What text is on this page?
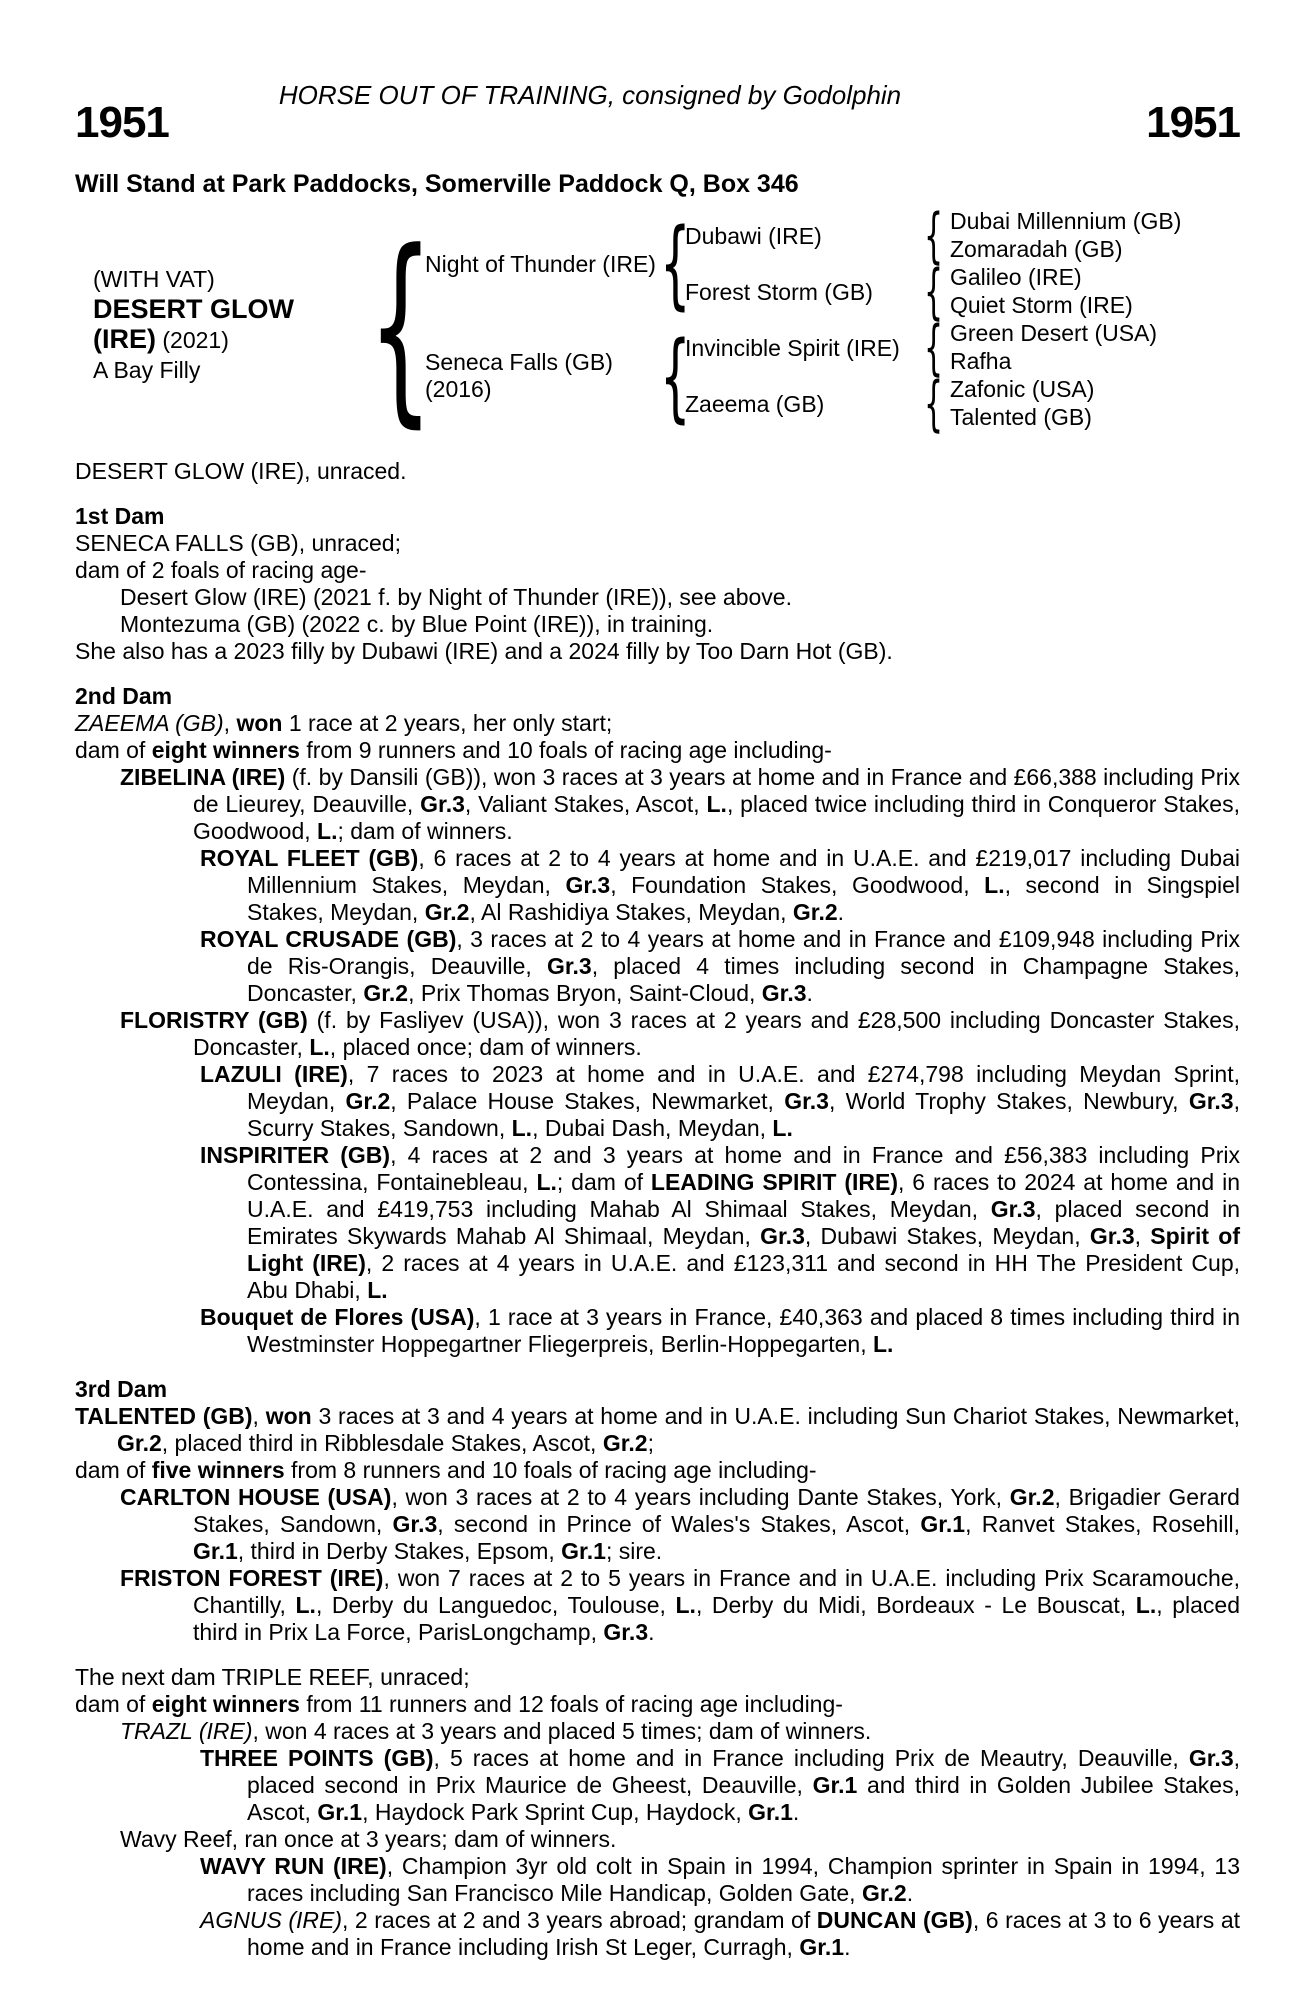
HORSE OUT OF TRAINING, consigned by Godolphin
1951	1951
Will Stand at Park Paddocks, Somerville Paddock Q, Box 346
(WITH VAT)
DESERT GLOW
(IRE) (2021)
A Bay Filly { {
{
{
{
{
{
Night of Thunder (IRE)
Seneca Falls (GB)
(2016)
Dubawi (IRE)
Forest Storm (GB)
Invincible Spirit (IRE)
Zaeema (GB)
Dubai Millennium (GB)
Zomaradah (GB)
Galileo (IRE)
Quiet Storm (IRE)
Green Desert (USA)
Rafha
Zafonic (USA)
Talented (GB)

DESERT GLOW (IRE), unraced.

1st Dam

SENECA FALLS (GB), unraced;

dam of 2 foals of racing age-

Desert Glow (IRE) (2021 f. by Night of Thunder (IRE)), see above.

Montezuma (GB) (2022 c. by Blue Point (IRE)), in training.

She also has a 2023 filly by Dubawi (IRE) and a 2024 filly by Too Darn Hot (GB).

2nd Dam

ZAEEMA (GB), won 1 race at 2 years, her only start;

dam of eight winners from 9 runners and 10 foals of racing age including-

ZIBELINA (IRE) (f. by Dansili (GB)), won 3 races at 3 years at home and in France and £66,388 including Prix de Lieurey, Deauville, Gr.3, Valiant Stakes, Ascot, L., placed twice including third in Conqueror Stakes, Goodwood, L.; dam of winners.

ROYAL FLEET (GB), 6 races at 2 to 4 years at home and in U.A.E. and £219,017 including Dubai Millennium Stakes, Meydan, Gr.3, Foundation Stakes, Goodwood, L., second in Singspiel Stakes, Meydan, Gr.2, Al Rashidiya Stakes, Meydan, Gr.2.

ROYAL CRUSADE (GB), 3 races at 2 to 4 years at home and in France and £109,948 including Prix de Ris-Orangis, Deauville, Gr.3, placed 4 times including second in Champagne Stakes, Doncaster, Gr.2, Prix Thomas Bryon, Saint-Cloud, Gr.3.

FLORISTRY (GB) (f. by Fasliyev (USA)), won 3 races at 2 years and £28,500 including Doncaster Stakes, Doncaster, L., placed once; dam of winners.

LAZULI (IRE), 7 races to 2023 at home and in U.A.E. and £274,798 including Meydan Sprint, Meydan, Gr.2, Palace House Stakes, Newmarket, Gr.3, World Trophy Stakes, Newbury, Gr.3, Scurry Stakes, Sandown, L., Dubai Dash, Meydan, L.

INSPIRITER (GB), 4 races at 2 and 3 years at home and in France and £56,383 including Prix Contessina, Fontainebleau, L.; dam of LEADING SPIRIT (IRE), 6 races to 2024 at home and in U.A.E. and £419,753 including Mahab Al Shimaal Stakes, Meydan, Gr.3, placed second in Emirates Skywards Mahab Al Shimaal, Meydan, Gr.3, Dubawi Stakes, Meydan, Gr.3, Spirit of Light (IRE), 2 races at 4 years in U.A.E. and £123,311 and second in HH The President Cup, Abu Dhabi, L.

Bouquet de Flores (USA), 1 race at 3 years in France, £40,363 and placed 8 times including third in Westminster Hoppegartner Fliegerpreis, Berlin-Hoppegarten, L.

3rd Dam

TALENTED (GB), won 3 races at 3 and 4 years at home and in U.A.E. including Sun Chariot Stakes, Newmarket, Gr.2, placed third in Ribblesdale Stakes, Ascot, Gr.2;

dam of five winners from 8 runners and 10 foals of racing age including-

CARLTON HOUSE (USA), won 3 races at 2 to 4 years including Dante Stakes, York, Gr.2, Brigadier Gerard Stakes, Sandown, Gr.3, second in Prince of Wales's Stakes, Ascot, Gr.1, Ranvet Stakes, Rosehill, Gr.1, third in Derby Stakes, Epsom, Gr.1; sire.

FRISTON FOREST (IRE), won 7 races at 2 to 5 years in France and in U.A.E. including Prix Scaramouche, Chantilly, L., Derby du Languedoc, Toulouse, L., Derby du Midi, Bordeaux - Le Bouscat, L., placed third in Prix La Force, ParisLongchamp, Gr.3.

The next dam TRIPLE REEF, unraced;

dam of eight winners from 11 runners and 12 foals of racing age including-

TRAZL (IRE), won 4 races at 3 years and placed 5 times; dam of winners.

THREE POINTS (GB), 5 races at home and in France including Prix de Meautry, Deauville, Gr.3, placed second in Prix Maurice de Gheest, Deauville, Gr.1 and third in Golden Jubilee Stakes, Ascot, Gr.1, Haydock Park Sprint Cup, Haydock, Gr.1.

Wavy Reef, ran once at 3 years; dam of winners.

WAVY RUN (IRE), Champion 3yr old colt in Spain in 1994, Champion sprinter in Spain in 1994, 13 races including San Francisco Mile Handicap, Golden Gate, Gr.2.

AGNUS (IRE), 2 races at 2 and 3 years abroad; grandam of DUNCAN (GB), 6 races at 3 to 6 years at home and in France including Irish St Leger, Curragh, Gr.1.
